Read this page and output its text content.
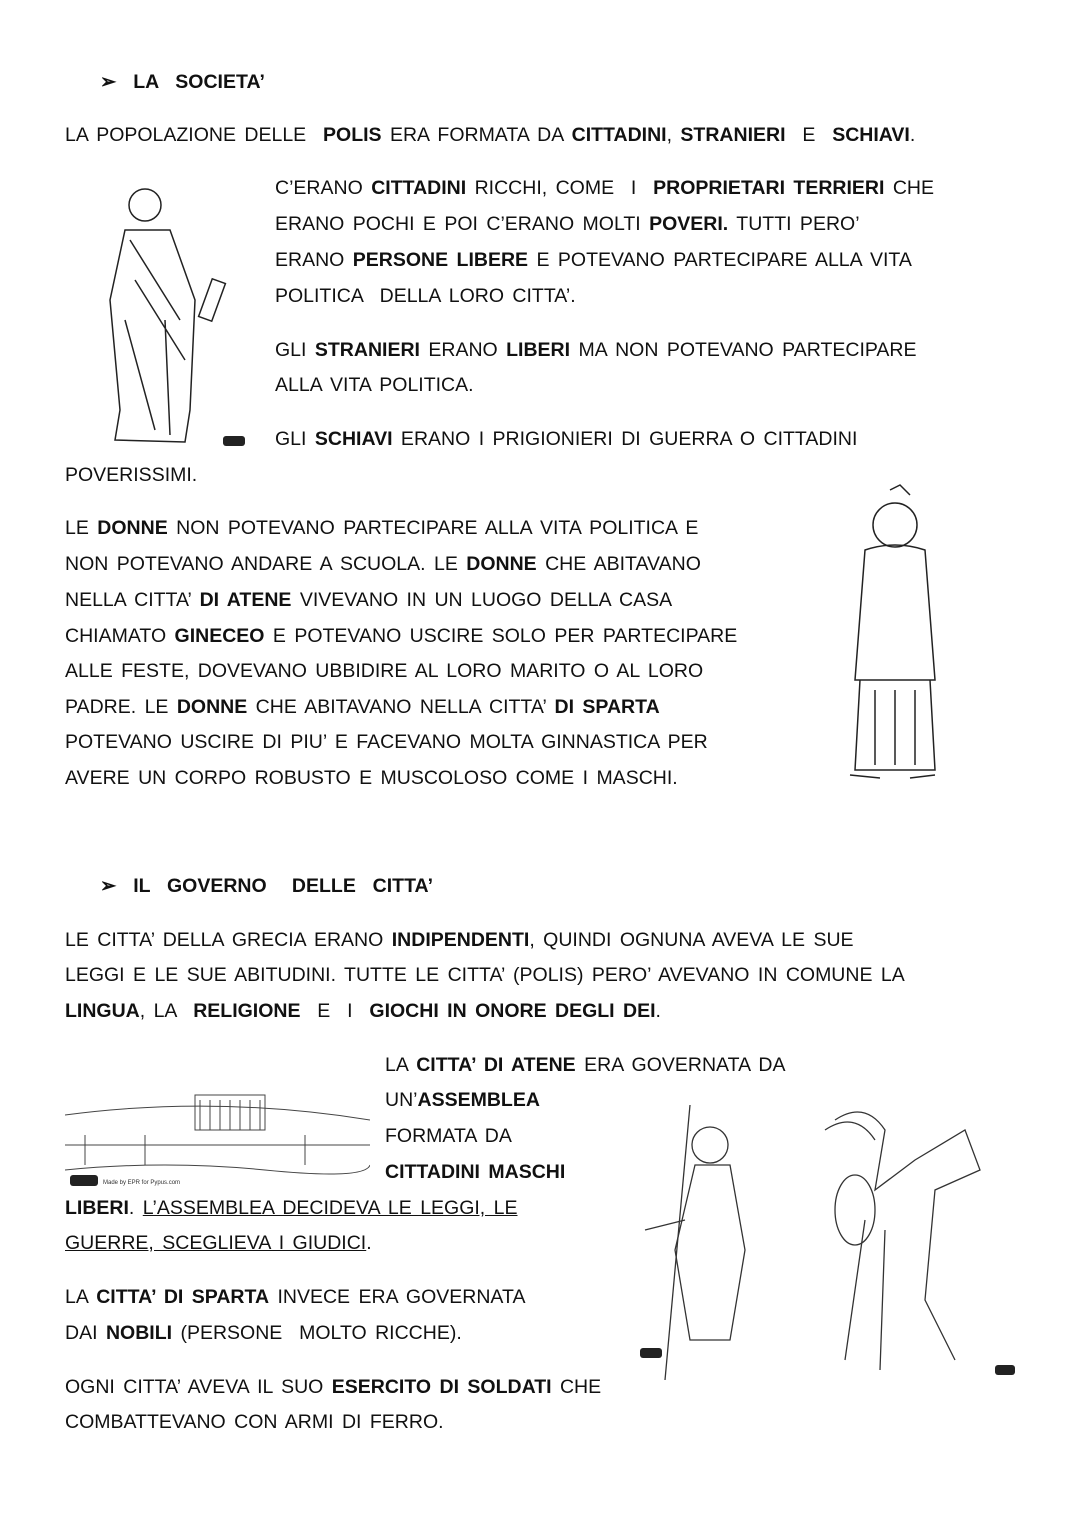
➢ LA  SOCIETA’
➢ IL  GOVERNO   DELLE  CITTA’
LA POPOLAZIONE DELLE  POLIS ERA FORMATA DA CITTADINI, STRANIERI  E  SCHIAVI.
C’ERANO CITTADINI RICCHI, COME  I  PROPRIETARI TERRIERI CHE
ERANO POCHI E POI C’ERANO MOLTI POVERI. TUTTI PERO’
ERANO PERSONE LIBERE E POTEVANO PARTECIPARE ALLA VITA
POLITICA  DELLA LORO CITTA’.
GLI STRANIERI ERANO LIBERI MA NON POTEVANO PARTECIPARE
ALLA VITA POLITICA.
GLI SCHIAVI ERANO I PRIGIONIERI DI GUERRA O CITTADINI
POVERISSIMI.
LE DONNE NON POTEVANO PARTECIPARE ALLA VITA POLITICA E
NON POTEVANO ANDARE A SCUOLA. LE DONNE CHE ABITAVANO
NELLA CITTA’ DI ATENE VIVEVANO IN UN LUOGO DELLA CASA
CHIAMATO GINECEO E POTEVANO USCIRE SOLO PER PARTECIPARE
ALLE FESTE, DOVEVANO UBBIDIRE AL LORO MARITO O AL LORO
PADRE. LE DONNE CHE ABITAVANO NELLA CITTA’ DI SPARTA
POTEVANO USCIRE DI PIU’ E FACEVANO MOLTA GINNASTICA PER
AVERE UN CORPO ROBUSTO E MUSCOLOSO COME I MASCHI.
LE CITTA’ DELLA GRECIA ERANO INDIPENDENTI, QUINDI OGNUNA AVEVA LE SUE
LEGGI E LE SUE ABITUDINI. TUTTE LE CITTA’ (POLIS) PERO’ AVEVANO IN COMUNE LA
LINGUA, LA  RELIGIONE  E  I  GIOCHI IN ONORE DEGLI DEI.
LA CITTA’ DI ATENE ERA GOVERNATA DA
UN’ASSEMBLEA
FORMATA DA
CITTADINI MASCHI
LIBERI. L’ASSEMBLEA DECIDEVA LE LEGGI, LE
GUERRE, SCEGLIEVA I GIUDICI.
LA CITTA’ DI SPARTA INVECE ERA GOVERNATA
DAI NOBILI (PERSONE  MOLTO RICCHE).
OGNI CITTA’ AVEVA IL SUO ESERCITO DI SOLDATI CHE
COMBATTEVANO CON ARMI DI FERRO.
Made by EPR for Pypus.com
